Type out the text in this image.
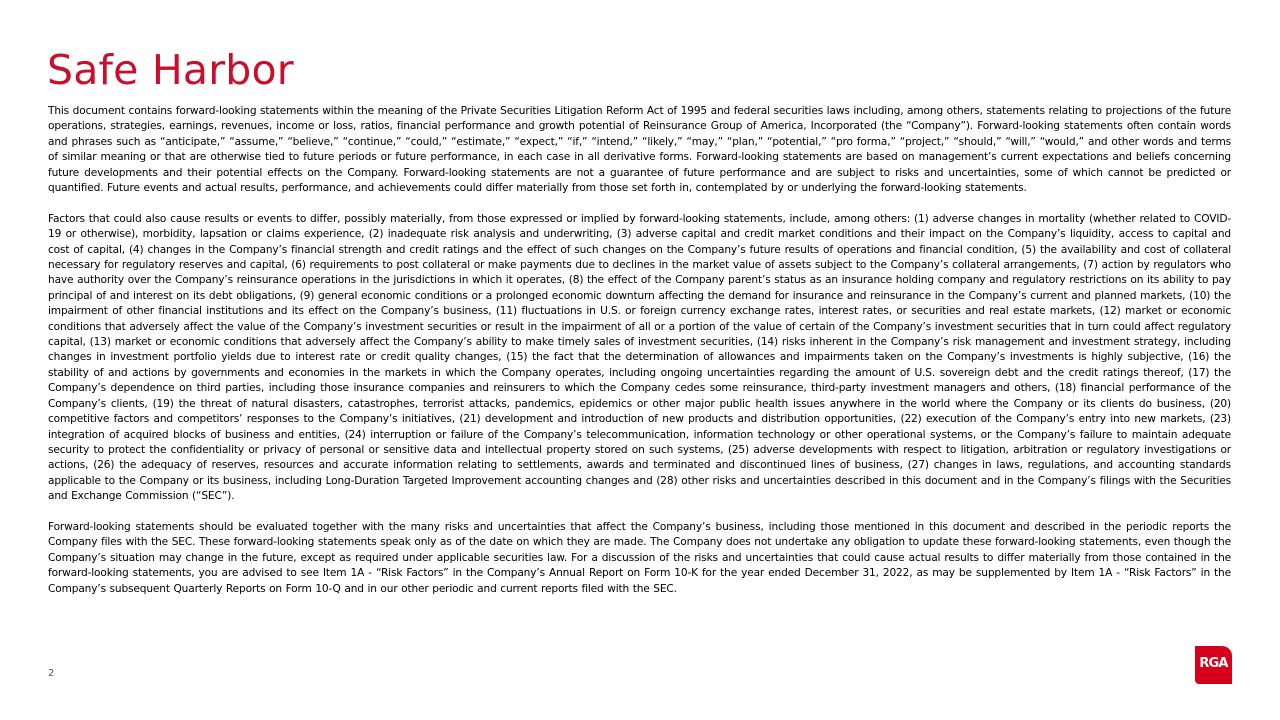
Safe Harbor

This document contains forward-looking statements within the meaning of the Private Securities Litigation Reform Act of 1995 and federal securities laws including, among others, statements relating to projections of the future operations, strategies, earnings, revenues, income or loss, ratios, financial performance and growth potential of Reinsurance Group of America, Incorporated (the “Company”). Forward-looking statements often contain words and phrases such as “anticipate,” “assume,” “believe,” “continue,” “could,” “estimate,” “expect,” “if,” “intend,” “likely,” “may,” “plan,” “potential,” “pro forma,” “project,” “should,” “will,” “would,” and other words and terms of similar meaning or that are otherwise tied to future periods or future performance, in each case in all derivative forms. Forward-looking statements are based on management’s current expectations and beliefs concerning future developments and their potential effects on the Company. Forward-looking statements are not a guarantee of future performance and are subject to risks and uncertainties, some of which cannot be predicted or quantified. Future events and actual results, performance, and achievements could differ materially from those set forth in, contemplated by or underlying the forward-looking statements.

Factors that could also cause results or events to differ, possibly materially, from those expressed or implied by forward-looking statements, include, among others: (1) adverse changes in mortality (whether related to COVID-19 or otherwise), morbidity, lapsation or claims experience, (2) inadequate risk analysis and underwriting, (3) adverse capital and credit market conditions and their impact on the Company’s liquidity, access to capital and cost of capital, (4) changes in the Company’s financial strength and credit ratings and the effect of such changes on the Company’s future results of operations and financial condition, (5) the availability and cost of collateral necessary for regulatory reserves and capital, (6) requirements to post collateral or make payments due to declines in the market value of assets subject to the Company’s collateral arrangements, (7) action by regulators who have authority over the Company’s reinsurance operations in the jurisdictions in which it operates, (8) the effect of the Company parent’s status as an insurance holding company and regulatory restrictions on its ability to pay principal of and interest on its debt obligations, (9) general economic conditions or a prolonged economic downturn affecting the demand for insurance and reinsurance in the Company’s current and planned markets, (10) the impairment of other financial institutions and its effect on the Company’s business, (11) fluctuations in U.S. or foreign currency exchange rates, interest rates, or securities and real estate markets, (12) market or economic conditions that adversely affect the value of the Company’s investment securities or result in the impairment of all or a portion of the value of certain of the Company’s investment securities that in turn could affect regulatory capital, (13) market or economic conditions that adversely affect the Company’s ability to make timely sales of investment securities, (14) risks inherent in the Company’s risk management and investment strategy, including changes in investment portfolio yields due to interest rate or credit quality changes, (15) the fact that the determination of allowances and impairments taken on the Company’s investments is highly subjective, (16) the stability of and actions by governments and economies in the markets in which the Company operates, including ongoing uncertainties regarding the amount of U.S. sovereign debt and the credit ratings thereof, (17) the Company’s dependence on third parties, including those insurance companies and reinsurers to which the Company cedes some reinsurance, third-party investment managers and others, (18) financial performance of the Company’s clients, (19) the threat of natural disasters, catastrophes, terrorist attacks, pandemics, epidemics or other major public health issues anywhere in the world where the Company or its clients do business, (20) competitive factors and competitors’ responses to the Company’s initiatives, (21) development and introduction of new products and distribution opportunities, (22) execution of the Company’s entry into new markets, (23) integration of acquired blocks of business and entities, (24) interruption or failure of the Company’s telecommunication, information technology or other operational systems, or the Company’s failure to maintain adequate security to protect the confidentiality or privacy of personal or sensitive data and intellectual property stored on such systems, (25) adverse developments with respect to litigation, arbitration or regulatory investigations or actions, (26) the adequacy of reserves, resources and accurate information relating to settlements, awards and terminated and discontinued lines of business, (27) changes in laws, regulations, and accounting standards applicable to the Company or its business, including Long-Duration Targeted Improvement accounting changes and (28) other risks and uncertainties described in this document and in the Company’s filings with the Securities and Exchange Commission (“SEC”).

Forward-looking statements should be evaluated together with the many risks and uncertainties that affect the Company’s business, including those mentioned in this document and described in the periodic reports the Company files with the SEC. These forward-looking statements speak only as of the date on which they are made. The Company does not undertake any obligation to update these forward-looking statements, even though the Company’s situation may change in the future, except as required under applicable securities law. For a discussion of the risks and uncertainties that could cause actual results to differ materially from those contained in the forward-looking statements, you are advised to see Item 1A - “Risk Factors” in the Company’s Annual Report on Form 10-K for the year ended December 31, 2022, as may be supplemented by Item 1A - “Risk Factors” in the Company’s subsequent Quarterly Reports on Form 10-Q and in our other periodic and current reports filed with the SEC.

2
RGA
